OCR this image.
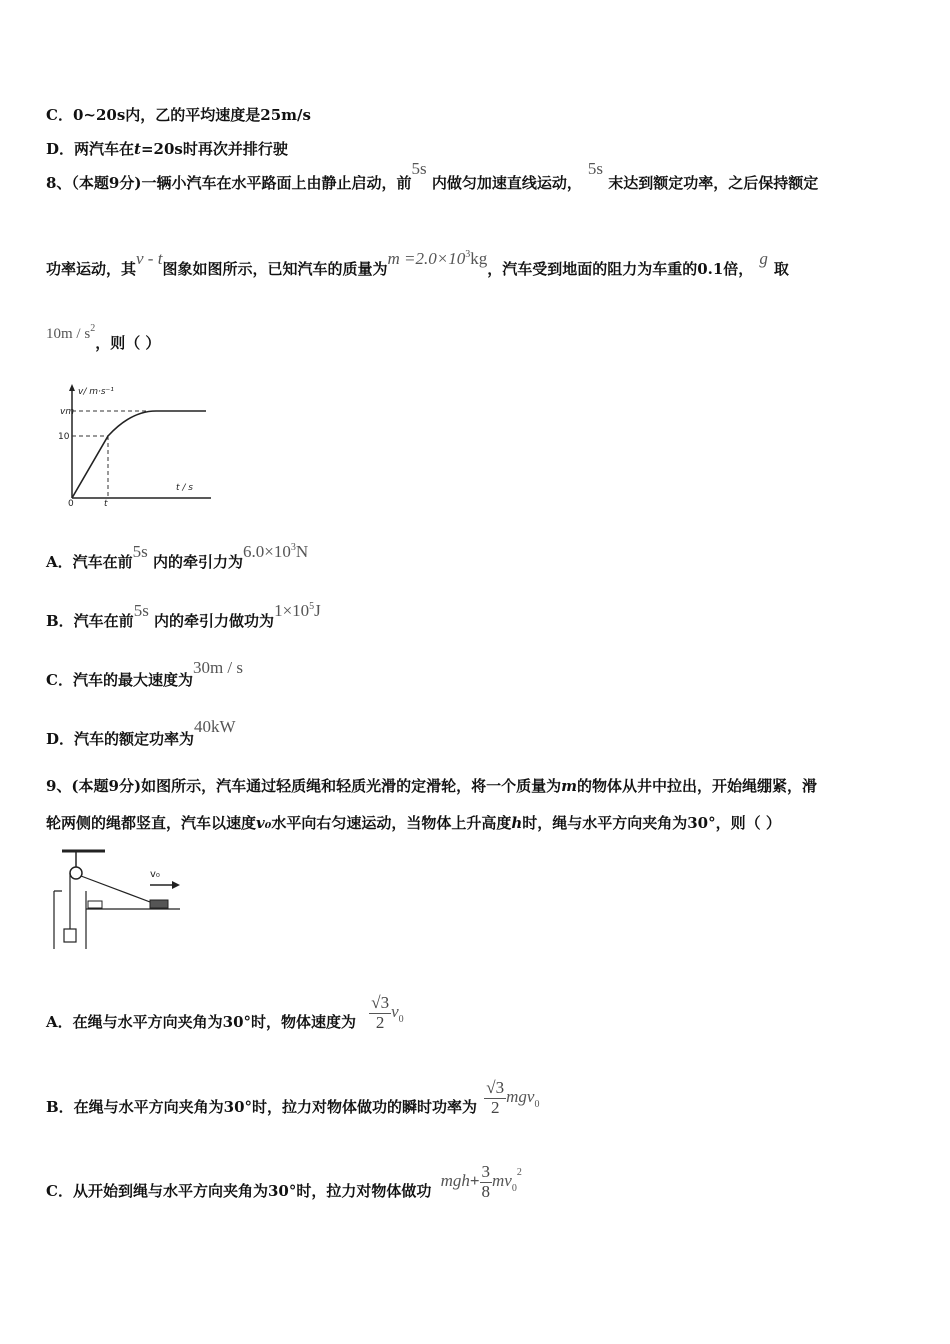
C．0~20s内，乙的平均速度是25m/s
D．两汽车在t=20s时再次并排行驶
8、（本题9分)一辆小汽车在水平路面上由静止启动，前5s 内做匀加速直线运动，5s 末达到额定功率，之后保持额定
功率运动，其v - t图象如图所示，已知汽车的质量为$m =2.0\times 10^3kg$，汽车受到地面的阻力为车重的0.1倍，g取
$10m / s^2$，则（ ）
v/ m·s⁻¹
vm
10
t / s
0	t
A．汽车在前5s 内的牵引力为$6.0\times 10^3N$
B．汽车在前5s 内的牵引力做功为$1\times 10^5J$
C．汽车的最大速度为30m / s
D．汽车的额定功率为40kW
9、(本题9分)如图所示，汽车通过轻质绳和轻质光滑的定滑轮，将一个质量为m的物体从井中拉出，开始绳绷紧，滑
轮两侧的绳都竖直，汽车以速度v₀水平向右匀速运动，当物体上升高度h时，绳与水平方向夹角为30°，则（ ）
v₀
A．在绳与水平方向夹角为30°时，物体速度为 $\frac{√3}{2} v^0$
B．在绳与水平方向夹角为30°时，拉力对物体做功的瞬时功率为 $\frac{√3}{2} mgv^0$
C．从开始到绳与水平方向夹角为30°时，拉力对物体做功 $mgh+ \frac{3}{8} mv^{02}$
